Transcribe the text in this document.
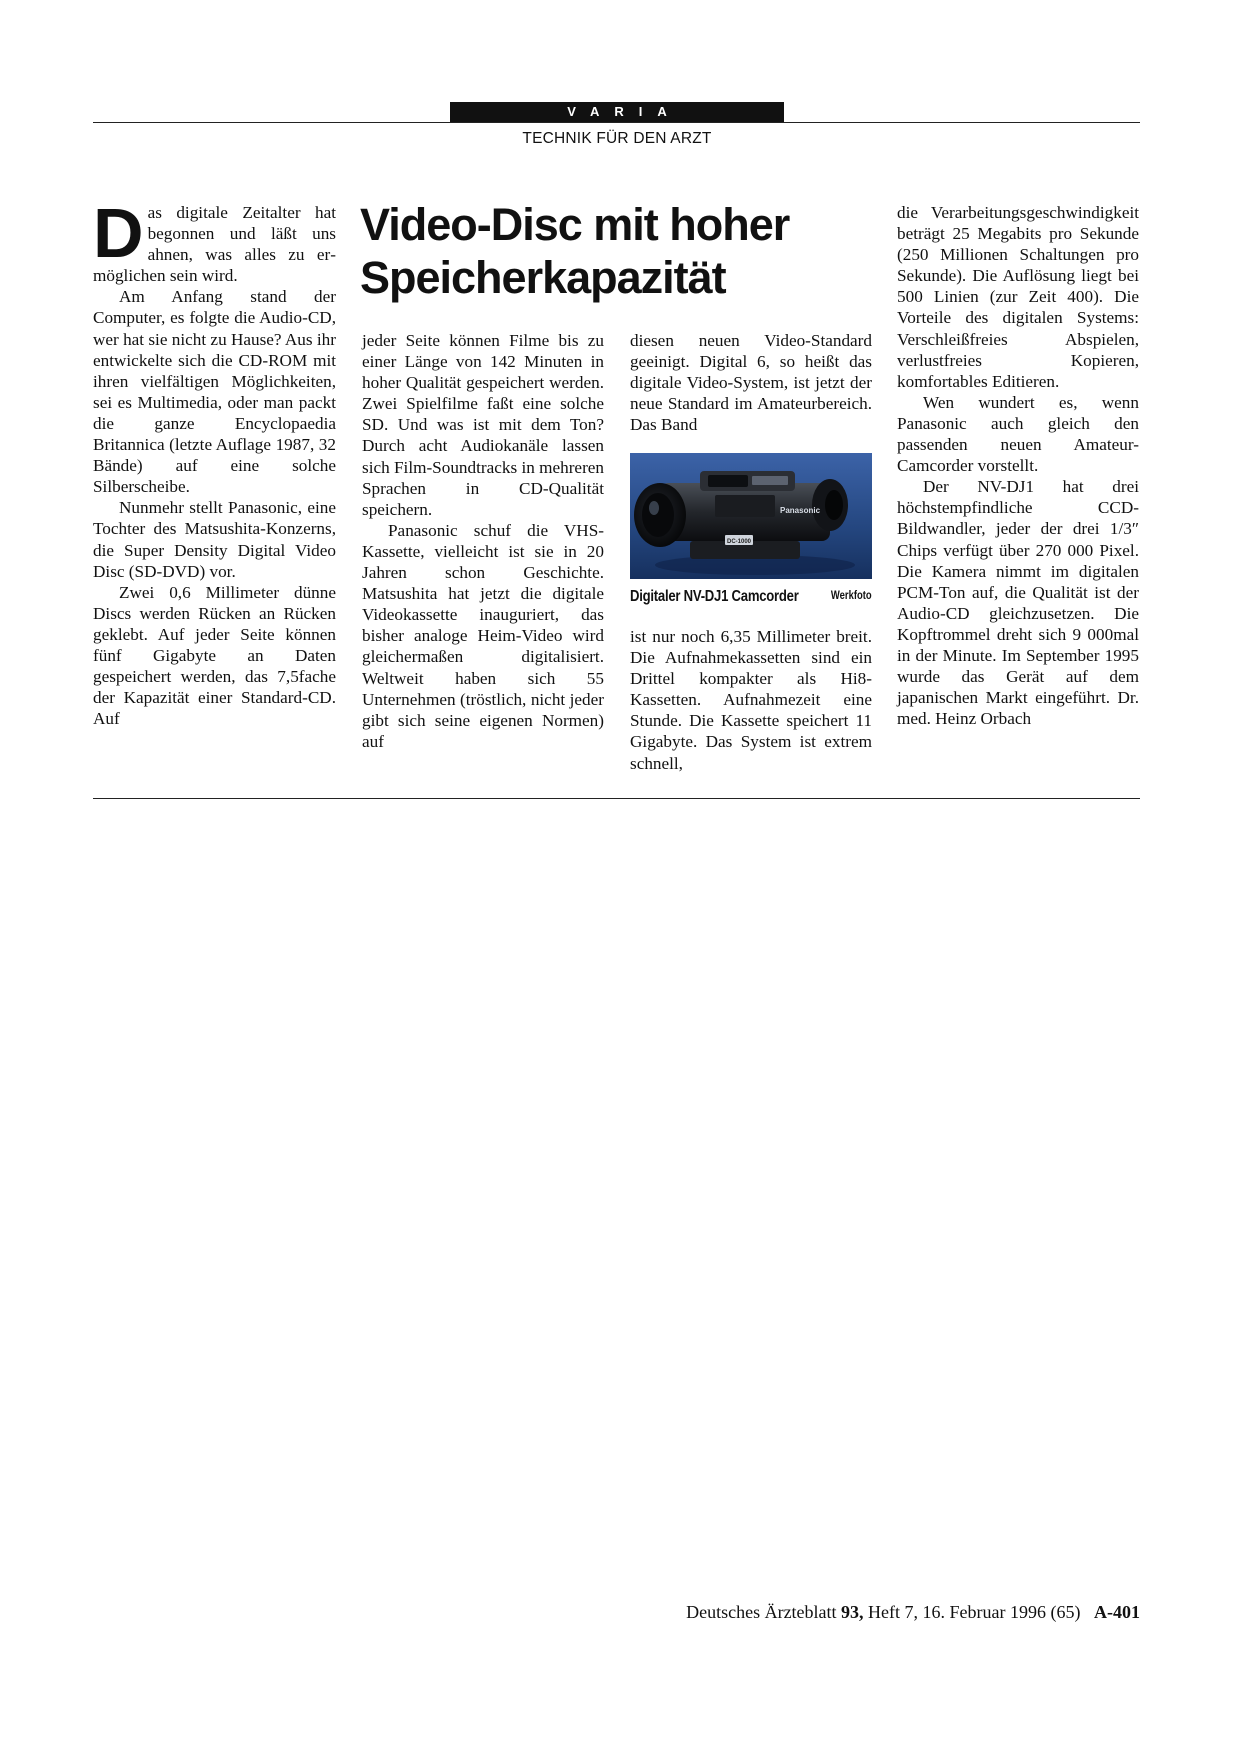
VARIA
TECHNIK FÜR DEN ARZT

Das digitale Zeitalter hat begonnen und läßt uns ahnen, was alles zu ermöglichen sein wird.

Am Anfang stand der Computer, es folgte die Audio-CD, wer hat sie nicht zu Hause? Aus ihr entwickelte sich die CD-ROM mit ihren vielfältigen Möglichkeiten, sei es Multimedia, oder man packt die ganze Encyclopaedia Britannica (letzte Auflage 1987, 32 Bände) auf eine solche Silberscheibe.

Nunmehr stellt Panasonic, eine Tochter des Matsushita-Konzerns, die Super Density Digital Video Disc (SD-DVD) vor.

Zwei 0,6 Millimeter dünne Discs werden Rücken an Rücken geklebt. Auf jeder Seite können fünf Gigabyte an Daten gespeichert werden, das 7,5fache der Kapazität einer Standard-CD. Auf

Video-Disc mit hoher
Speicherkapazität

jeder Seite können Filme bis zu einer Länge von 142 Minuten in hoher Qualität gespeichert werden. Zwei Spielfilme faßt eine solche SD. Und was ist mit dem Ton? Durch acht Audiokanäle lassen sich Film-Soundtracks in mehreren Sprachen in CD-Qualität speichern.

Panasonic schuf die VHS-Kassette, vielleicht ist sie in 20 Jahren schon Geschichte. Matsushita hat jetzt die digitale Videokassette inauguriert, das bisher analoge Heim-Video wird gleichermaßen digitalisiert. Weltweit haben sich 55 Unternehmen (tröstlich, nicht jeder gibt sich seine eigenen Normen) auf

diesen neuen Video-Standard geeinigt. Digital 6, so heißt das digitale Video-System, ist jetzt der neue Standard im Amateurbereich. Das Band

Panasonic
DC-1000
Digitaler NV-DJ1 Camcorder	Werkfoto

ist nur noch 6,35 Millimeter breit. Die Aufnahmekassetten sind ein Drittel kompakter als Hi8-Kassetten. Aufnahmezeit eine Stunde. Die Kassette speichert 11 Gigabyte. Das System ist extrem schnell,

die Verarbeitungsgeschwindigkeit beträgt 25 Megabits pro Sekunde (250 Millionen Schaltungen pro Sekunde). Die Auflösung liegt bei 500 Linien (zur Zeit 400). Die Vorteile des digitalen Systems: Verschleißfreies Abspielen, verlustfreies Kopieren, komfortables Editieren.

Wen wundert es, wenn Panasonic auch gleich den passenden neuen Amateur-Camcorder vorstellt.

Der NV-DJ1 hat drei höchstempfindliche CCD-Bildwandler, jeder der drei 1/3″ Chips verfügt über 270 000 Pixel. Die Kamera nimmt im digitalen PCM-Ton auf, die Qualität ist der Audio-CD gleichzusetzen. Die Kopftrommel dreht sich 9 000mal in der Minute. Im September 1995 wurde das Gerät auf dem japanischen Markt eingeführt. Dr. med. Heinz Orbach

Deutsches Ärzteblatt 93, Heft 7, 16. Februar 1996 (65) A-401
